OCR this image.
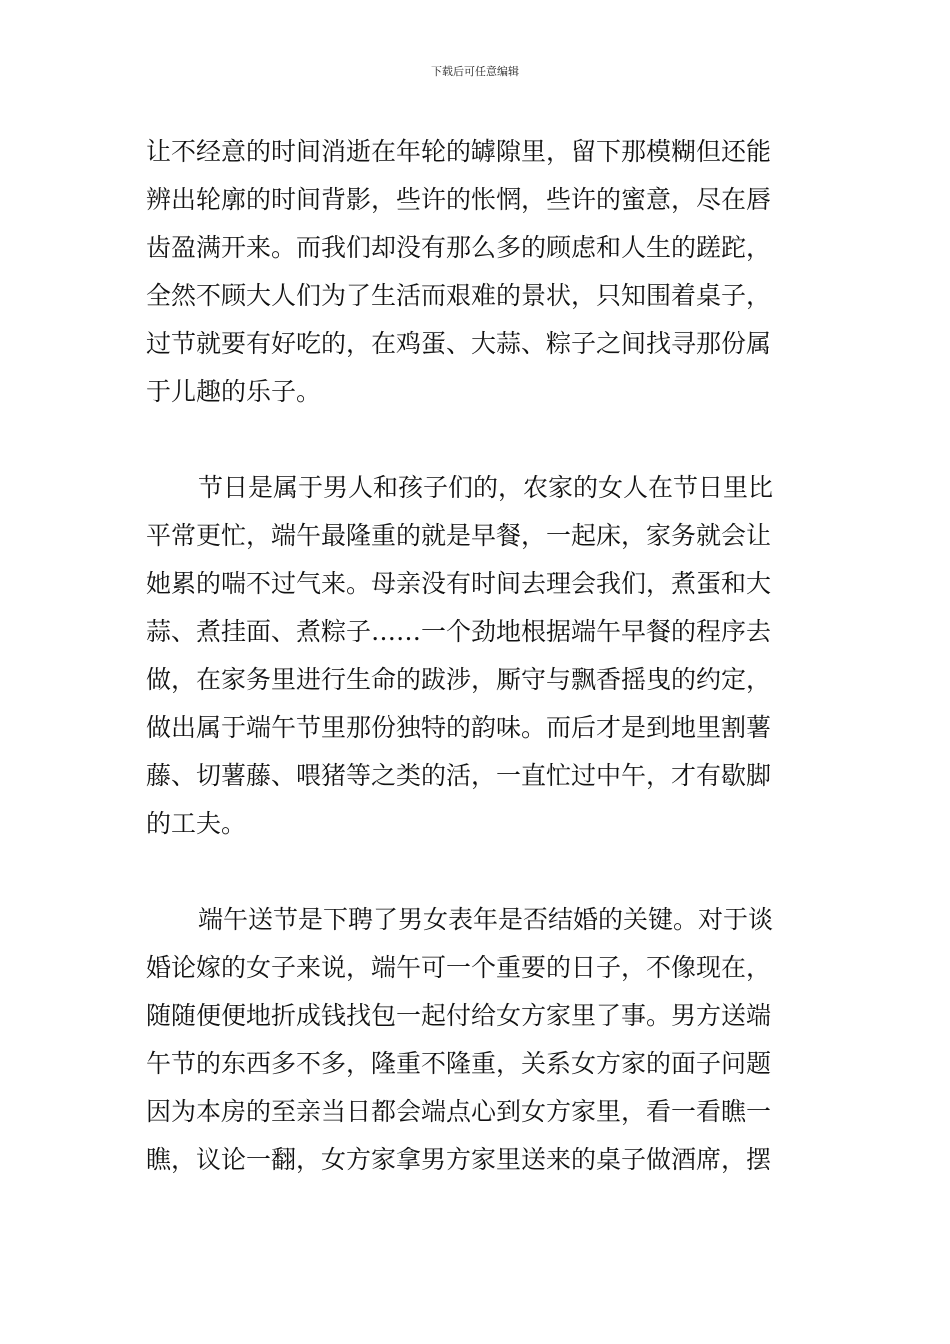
下载后可任意编辑

让不经意的时间消逝在年轮的罅隙里，留下那模糊但还能
辨出轮廓的时间背影，些许的怅惘，些许的蜜意，尽在唇
齿盈满开来。而我们却没有那么多的顾虑和人生的蹉跎，
全然不顾大人们为了生活而艰难的景状，只知围着桌子，
过节就要有好吃的，在鸡蛋、大蒜、粽子之间找寻那份属
于儿趣的乐子。

节日是属于男人和孩子们的，农家的女人在节日里比
平常更忙，端午最隆重的就是早餐，一起床，家务就会让
她累的喘不过气来。母亲没有时间去理会我们，煮蛋和大
蒜、煮挂面、煮粽子……一个劲地根据端午早餐的程序去
做，在家务里进行生命的跋涉，厮守与飘香摇曳的约定，
做出属于端午节里那份独特的韵味。而后才是到地里割薯
藤、切薯藤、喂猪等之类的活，一直忙过中午，才有歇脚
的工夫。

端午送节是下聘了男女表年是否结婚的关键。对于谈
婚论嫁的女子来说，端午可一个重要的日子，不像现在，
随随便便地折成钱找包一起付给女方家里了事。男方送端
午节的东西多不多，隆重不隆重，关系女方家的面子问题
因为本房的至亲当日都会端点心到女方家里，看一看瞧一
瞧，议论一翻，女方家拿男方家里送来的桌子做酒席，摆
